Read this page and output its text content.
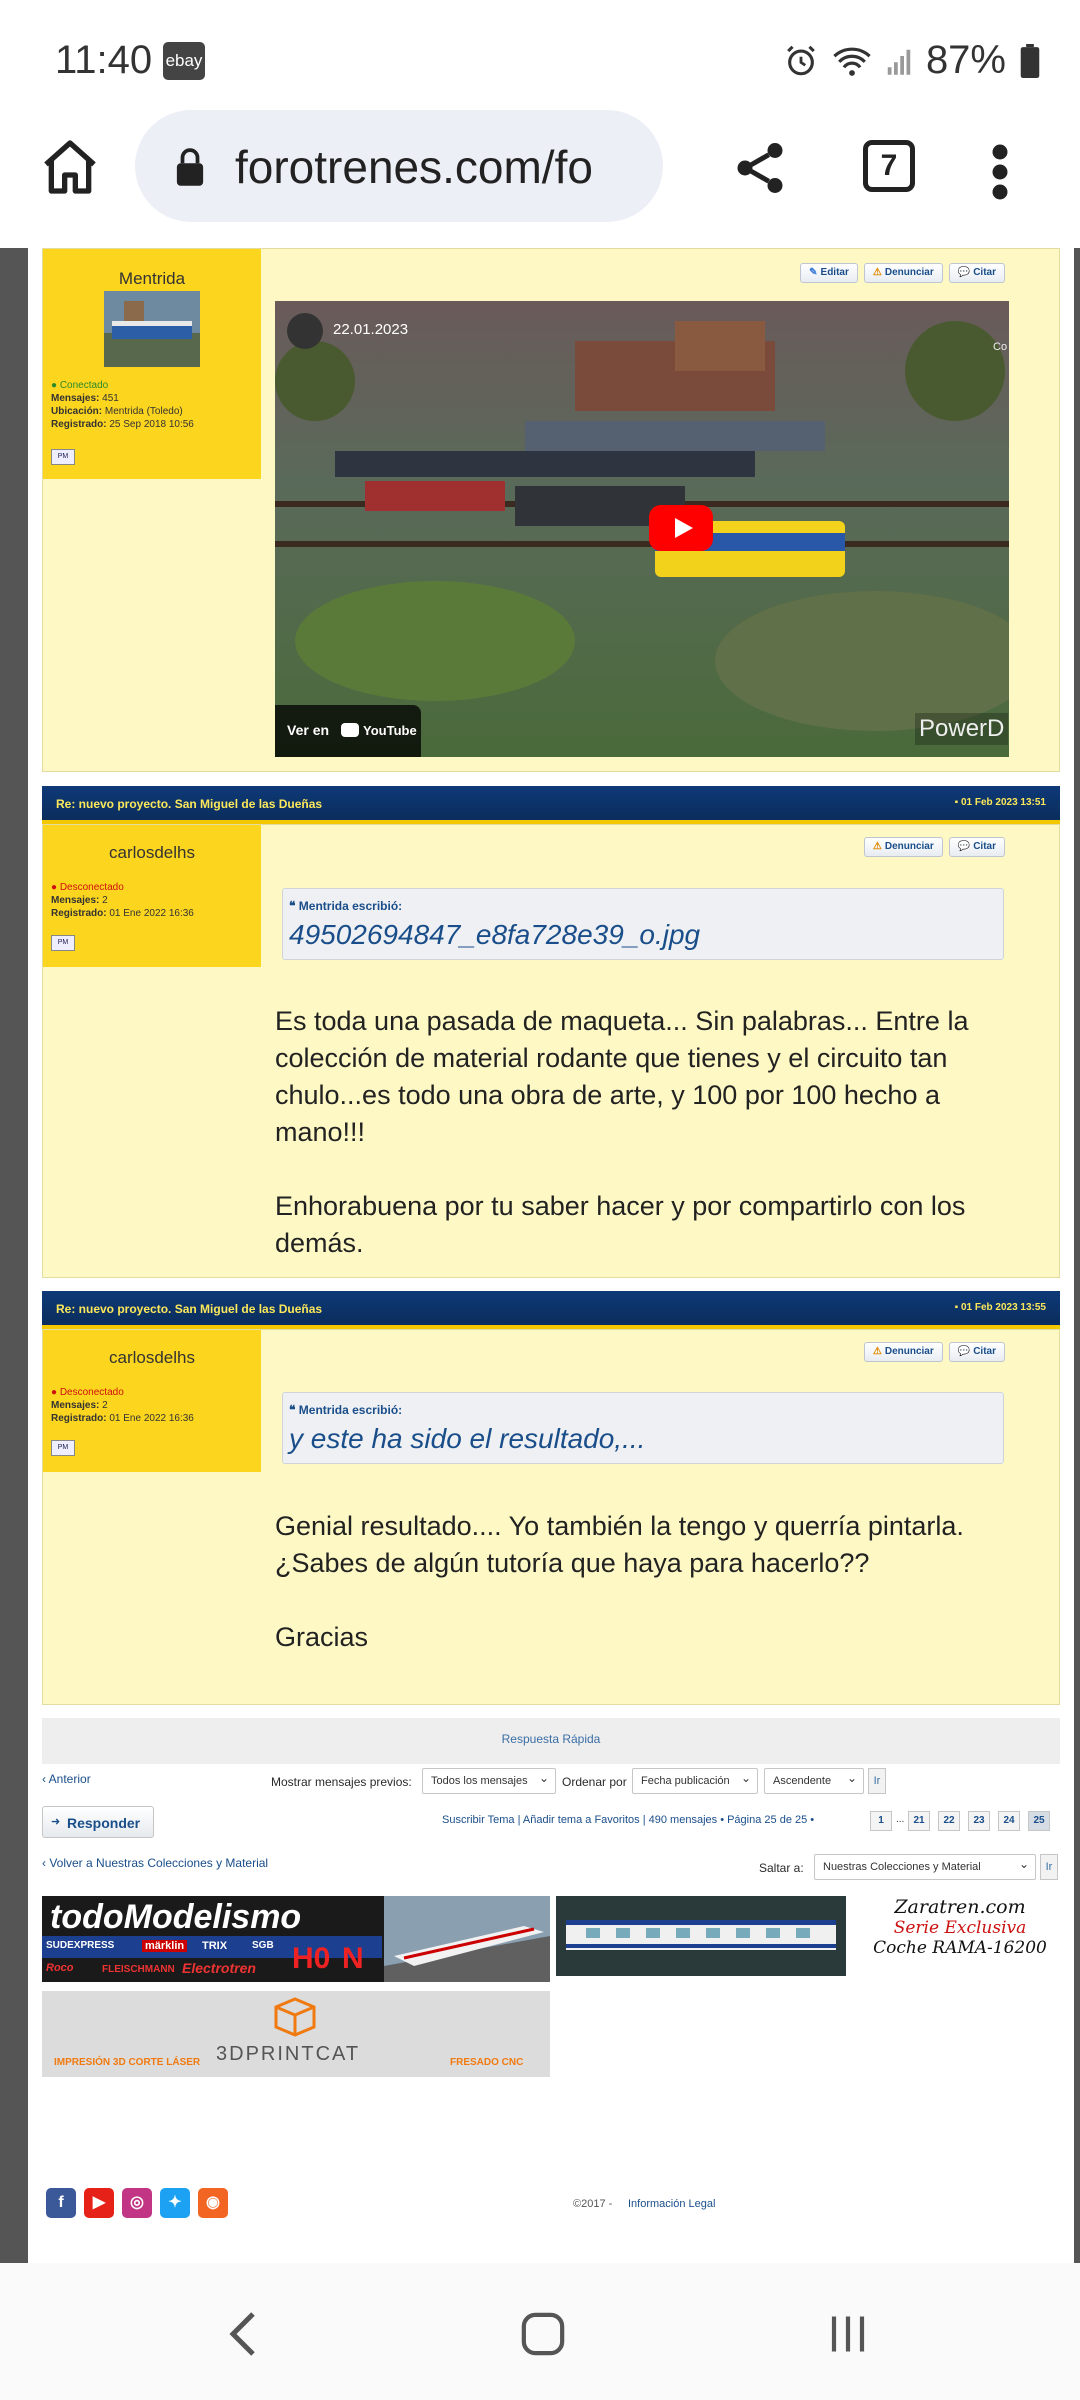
11:40 ebay	87%
forotrenes.com/fo	7
Mentrida
● Conectado
Mensajes: 451
Ubicación: Mentrida (Toledo)
Registrado: 25 Sep 2018 10:56
PM
✎ Editar	⚠ Denunciar	💬 Citar
22.01.2023
Co
Ver en	YouTube	PowerD
Re: nuevo proyecto. San Miguel de las Dueñas	▪ 01 Feb 2023 13:51
carlosdelhs
● Desconectado
Mensajes: 2
Registrado: 01 Ene 2022 16:36
PM
⚠ Denunciar	💬 Citar
❝ Mentrida escribió:
49502694847_e8fa728e39_o.jpg

Es toda una pasada de maqueta... Sin palabras... Entre la colección de material rodante que tienes y el circuito tan chulo...es todo una obra de arte, y 100 por 100 hecho a mano!!!

Enhorabuena por tu saber hacer y por compartirlo con los demás.

Re: nuevo proyecto. San Miguel de las Dueñas	▪ 01 Feb 2023 13:55
carlosdelhs
● Desconectado
Mensajes: 2
Registrado: 01 Ene 2022 16:36
PM
⚠ Denunciar	💬 Citar
❝ Mentrida escribió:
y este ha sido el resultado,...

Genial resultado.... Yo también la tengo y querría pintarla. ¿Sabes de algún tutoría que haya para hacerlo??

Gracias

Respuesta Rápida
‹ Anterior	Mostrar mensajes previos:	Todos los mensajes ⌄	Ordenar por	Fecha publicación ⌄	Ascendente ⌄	Ir
➜ Responder	Suscribir Tema | Añadir tema a Favoritos | 490 mensajes • Página 25 de 25 •	1	... 21	22	23	24	25
‹ Volver a Nuestras Colecciones y Material	Saltar a:	Nuestras Colecciones y Material ⌄	Ir
todoModelismo
SUDEXPRESS	märklin TRIX SGB
Roco	FLEISCHMANN Electrotren H0 N
Zaratren.com
Serie Exclusiva
Coche RAMA-16200
3DPRINTCAT
IMPRESIÓN 3D CORTE LÁSER	FRESADO CNC
f	▶	◎	✦	◉	©2017 - Información Legal
